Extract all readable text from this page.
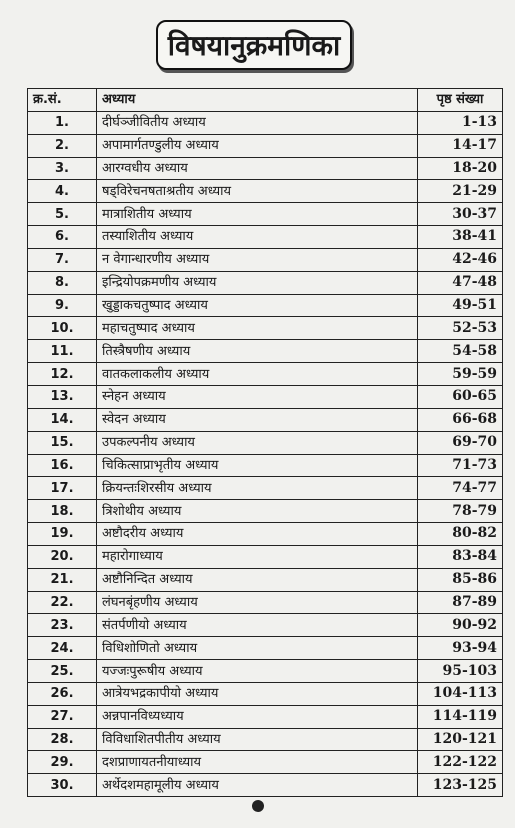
विषयानुक्रमणिका
क्र.सं.	अध्याय	पृष्ठ संख्या
1.	दीर्घञ्जीवितीय अध्याय	1-13
2.	अपामार्गतण्डुलीय अध्याय	14-17
3.	आरग्वधीय अध्याय	18-20
4.	षड्विरेचनषताश्रतीय अध्याय	21-29
5.	मात्राशितीय अध्याय	30-37
6.	तस्याशितीय अध्याय	38-41
7.	न वेगान्धारणीय अध्याय	42-46
8.	इन्द्रियोपक्रमणीय अध्याय	47-48
9.	खुड्डाकचतुष्पाद अध्याय	49-51
10.	महाचतुष्पाद अध्याय	52-53
11.	तिस्त्रैषणीय अध्याय	54-58
12.	वातकलाकलीय अध्याय	59-59
13.	स्नेहन अध्याय	60-65
14.	स्वेदन अध्याय	66-68
15.	उपकल्पनीय अध्याय	69-70
16.	चिकित्साप्राभृतीय अध्याय	71-73
17.	क्रियन्तःशिरसीय अध्याय	74-77
18.	त्रिशोथीय अध्याय	78-79
19.	अष्टौदरीय अध्याय	80-82
20.	महारोगाध्याय	83-84
21.	अष्टौनिन्दित अध्याय	85-86
22.	लंघनबृंहणीय अध्याय	87-89
23.	संतर्पणीयो अध्याय	90-92
24.	विधिशोणितो अध्याय	93-94
25.	यज्जःपुरूषीय अध्याय	95-103
26.	आत्रेयभद्रकापीयो अध्याय	104-113
27.	अन्नपानविध्यध्याय	114-119
28.	विविधाशितपीतीय अध्याय	120-121
29.	दशप्राणायतनीयाध्याय	122-122
30.	अर्थेदशमहामूलीय अध्याय	123-125
